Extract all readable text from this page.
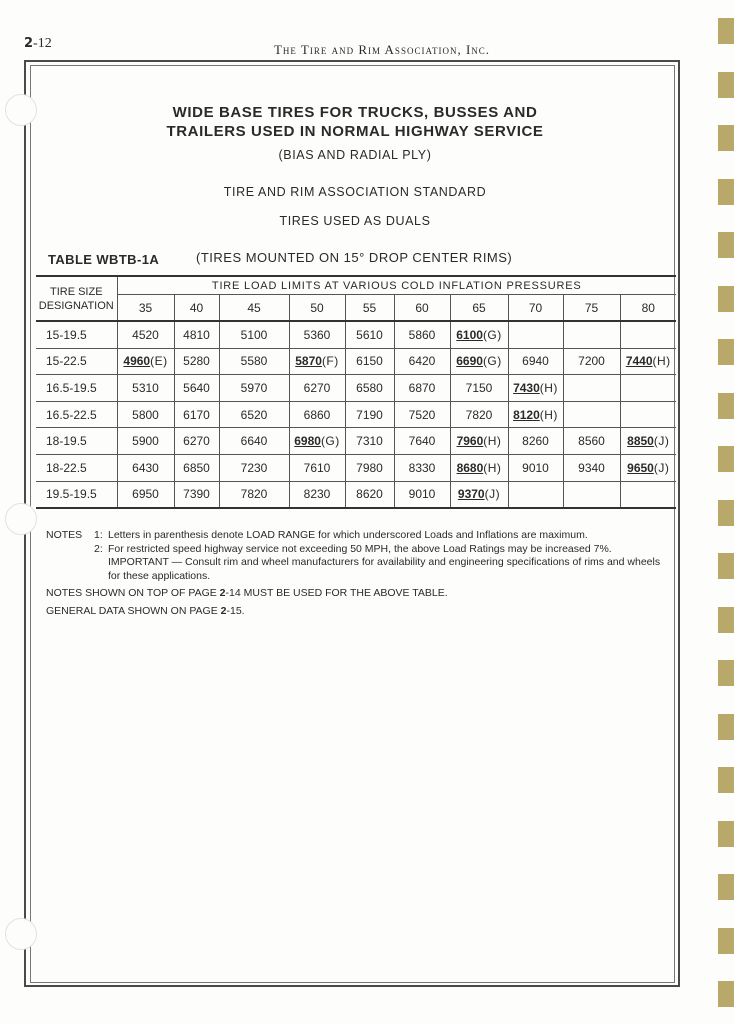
2-12	The Tire and Rim Association, Inc.
WIDE BASE TIRES FOR TRUCKS, BUSSES AND
TRAILERS USED IN NORMAL HIGHWAY SERVICE
(BIAS AND RADIAL PLY)
TIRE AND RIM ASSOCIATION STANDARD
TIRES USED AS DUALS
TABLE WBTB-1A	(TIRES MOUNTED ON 15° DROP CENTER RIMS)
TIRE SIZE
DESIGNATION	TIRE LOAD LIMITS AT VARIOUS COLD INFLATION PRESSURES									
	35	40	45	50	55	60	65	70	75	80
15-19.5	4520	4810	5100	5360	5610	5860	6100(G)			
15-22.5	4960(E)	5280	5580	5870(F)	6150	6420	6690(G)	6940	7200	7440(H)
16.5-19.5	5310	5640	5970	6270	6580	6870	7150	7430(H)		
16.5-22.5	5800	6170	6520	6860	7190	7520	7820	8120(H)		
18-19.5	5900	6270	6640	6980(G)	7310	7640	7960(H)	8260	8560	8850(J)
18-22.5	6430	6850	7230	7610	7980	8330	8680(H)	9010	9340	9650(J)
19.5-19.5	6950	7390	7820	8230	8620	9010	9370(J)			
NOTES	1: Letters in parenthesis denote LOAD RANGE for which underscored Loads and Inflations are maximum.
2: For restricted speed highway service not exceeding 50 MPH, the above Load Ratings may be increased 7%.
IMPORTANT — Consult rim and wheel manufacturers for availability and engineering specifications of rims and wheels for these applications.
NOTES SHOWN ON TOP OF PAGE 2-14 MUST BE USED FOR THE ABOVE TABLE.
GENERAL DATA SHOWN ON PAGE 2-15.
